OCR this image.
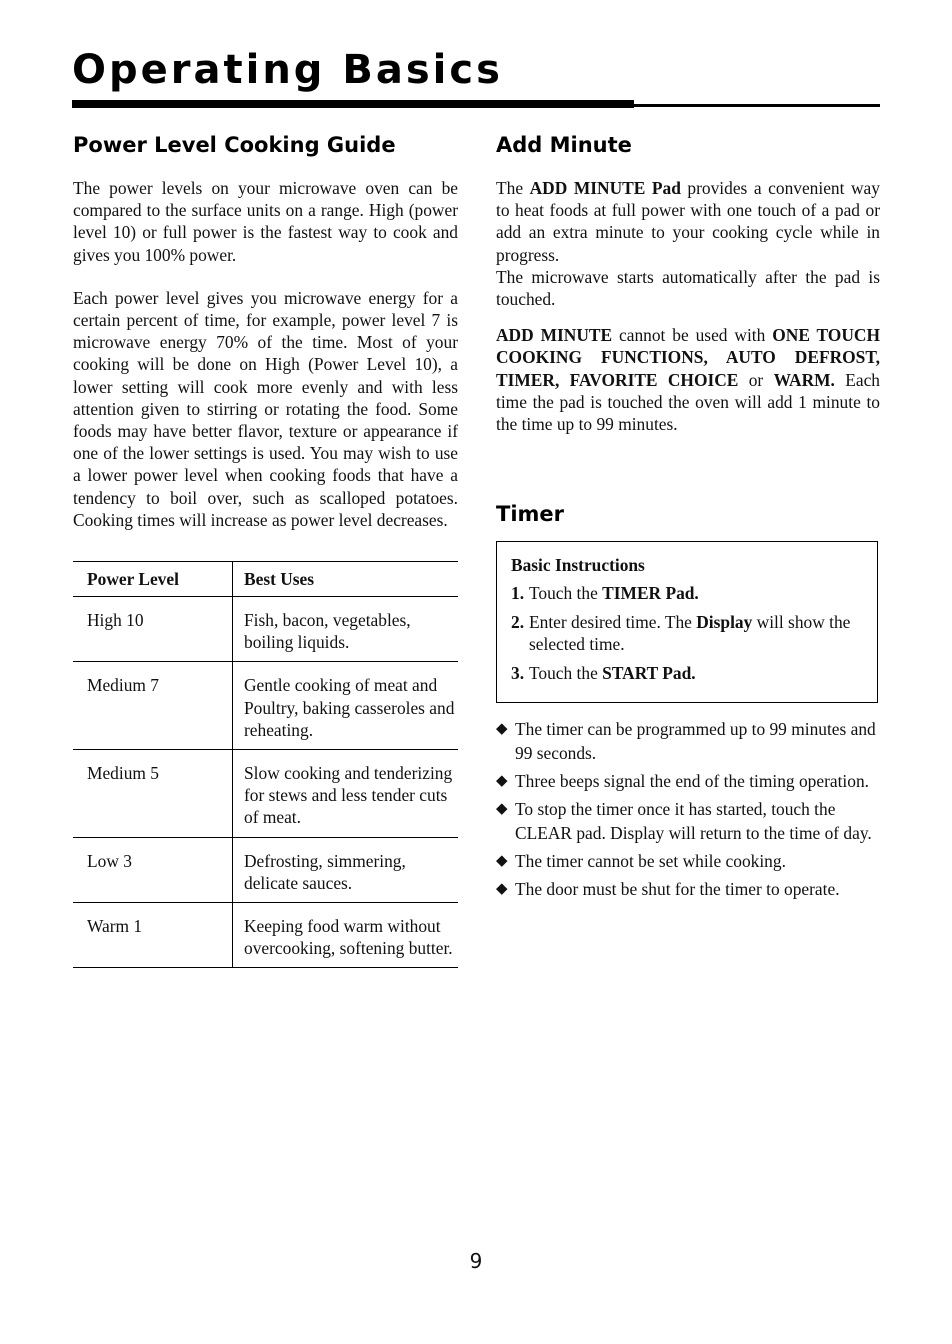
Operating Basics
Power Level Cooking Guide

The power levels on your microwave oven can be compared to the surface units on a range. High (power level 10) or full power is the fastest way to cook and gives you 100% power.

Each power level gives you microwave energy for a certain percent of time, for example, power level 7 is microwave energy 70% of the time. Most of your cooking will be done on High (Power Level 10), a lower setting will cook more evenly and with less attention given to stirring or rotating the food. Some foods may have better flavor, texture or appearance if one of the lower settings is used. You may wish to use a lower power level when cooking foods that have a tendency to boil over, such as scalloped potatoes. Cooking times will increase as power level decreases.

Power Level	Best Uses
High 10	Fish, bacon, vegetables, boiling liquids.
Medium 7	Gentle cooking of meat and Poultry, baking casseroles and reheating.
Medium 5	Slow cooking and tenderizing for stews and less tender cuts of meat.
Low 3	Defrosting, simmering, delicate sauces.
Warm 1	Keeping food warm without overcooking, softening butter.
Add Minute

The ADD MINUTE Pad provides a convenient way to heat foods at full power with one touch of a pad or add an extra minute to your cooking cycle while in progress.
The microwave starts automatically after the pad is touched.

ADD MINUTE cannot be used with ONE TOUCH COOKING FUNCTIONS, AUTO DEFROST, TIMER, FAVORITE CHOICE or WARM. Each time the pad is touched the oven will add 1 minute to the time up to 99 minutes.

Timer
Basic Instructions
1. Touch the TIMER Pad.
2. Enter desired time. The Display will show the selected time.
3. Touch the START Pad.
◆ The timer can be programmed up to 99 minutes and 99 seconds.
◆ Three beeps signal the end of the timing operation.
◆ To stop the timer once it has started, touch the CLEAR pad. Display will return to the time of day.
◆ The timer cannot be set while cooking.
◆ The door must be shut for the timer to operate.
9
